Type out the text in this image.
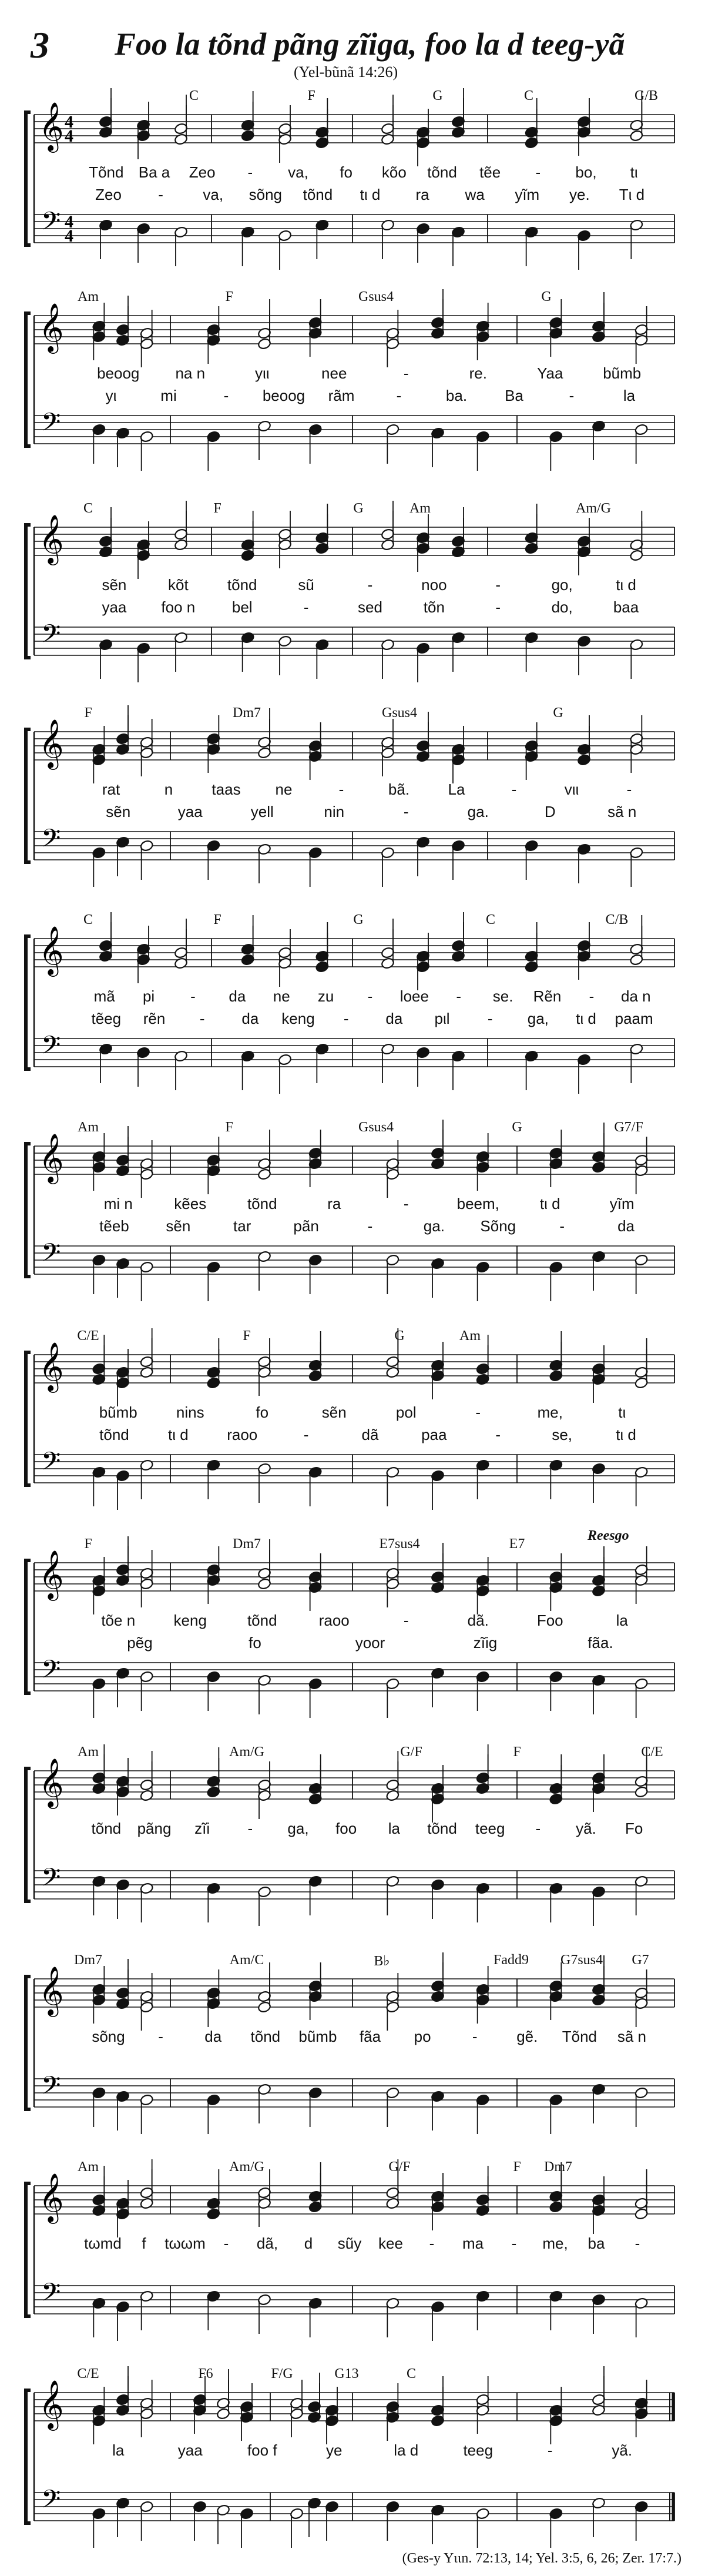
3 Foo la tõnd pãng zĩiga, foo la d teeg-yã
(Yel-bũnã 14:26)
𝄞
𝄢
4
4
4
4
C	F	G	C	G/B
Tõnd Ba a Zeo - va, fo kõo tõnd tẽe - bo, tι
Zeo -	va, sõng tõnd tι d ra wa yĩm ye. Tι d
𝄞
𝄢
Am	F	Gsus4	G
beoog na n	yιι	nee	-	re.	Yaa	bũmb
yι	mi	- beoog rãm	-	ba. Ba	-	la
𝄞
𝄢
C	F	G	Am	Am/G
sẽn	kõt	tõnd	sũ	-	noo	-	go,	tι d
yaa foo n bel	-	sed	tõn	-	do,	baa
𝄞
𝄢
F	Dm7	Gsus4	G
rat	n	taas ne	-	bã.	La	-	vιι	-
sẽn	yaa	yell	nin	-	ga.	D	sã n
𝄞
𝄢
C	F	G	C	C/B
mã pi - da ne zu - loee - se. Rẽn - da n
tẽeg rẽn - da keng - da pιl - ga, tι d paam
𝄞
𝄢
Am	F	Gsus4	G	G7/F
mi n	kẽes	tõnd	ra	-	beem,	tι d	yĩm
tẽeb sẽn	tar	pãn	-	ga. Sõng	-	da
𝄞
𝄢
C/E	F	G	Am
bũmb	nins	fo	sẽn	pol	-	me,	tι
tõnd	tι d	raoo	-	dã	paa	-	se,	tι d
𝄞
𝄢
F	Dm7	E7sus4	E7
Reesgo
tõe n	keng	tõnd	raoo	-	dã.	Foo	la
pẽg	fo	yoor	zĩig	fãa.
𝄞
𝄢
Am	Am/G	G/F	F	C/E
tõnd pãng zĩi - ga, foo la tõnd teeg - yã. Fo
𝄞
𝄢
Dm7	Am/C	B♭	Fadd9 G7sus4 G7
sõng -	da tõnd bũmb fãa po	-	gẽ. Tõnd sã n
𝄞
𝄢
Am	Am/G	G/F	F Dm7
tωmd f tωωm - dã, d sũy kee - ma - me, ba -
𝄞
𝄢
C/E	F6	F/G	G13	C
la	yaa	foo f	ye	la d	teeg	-	yã.
(Ges-y Yιιn. 72:13, 14; Yel. 3:5, 6, 26; Zer. 17:7.)
